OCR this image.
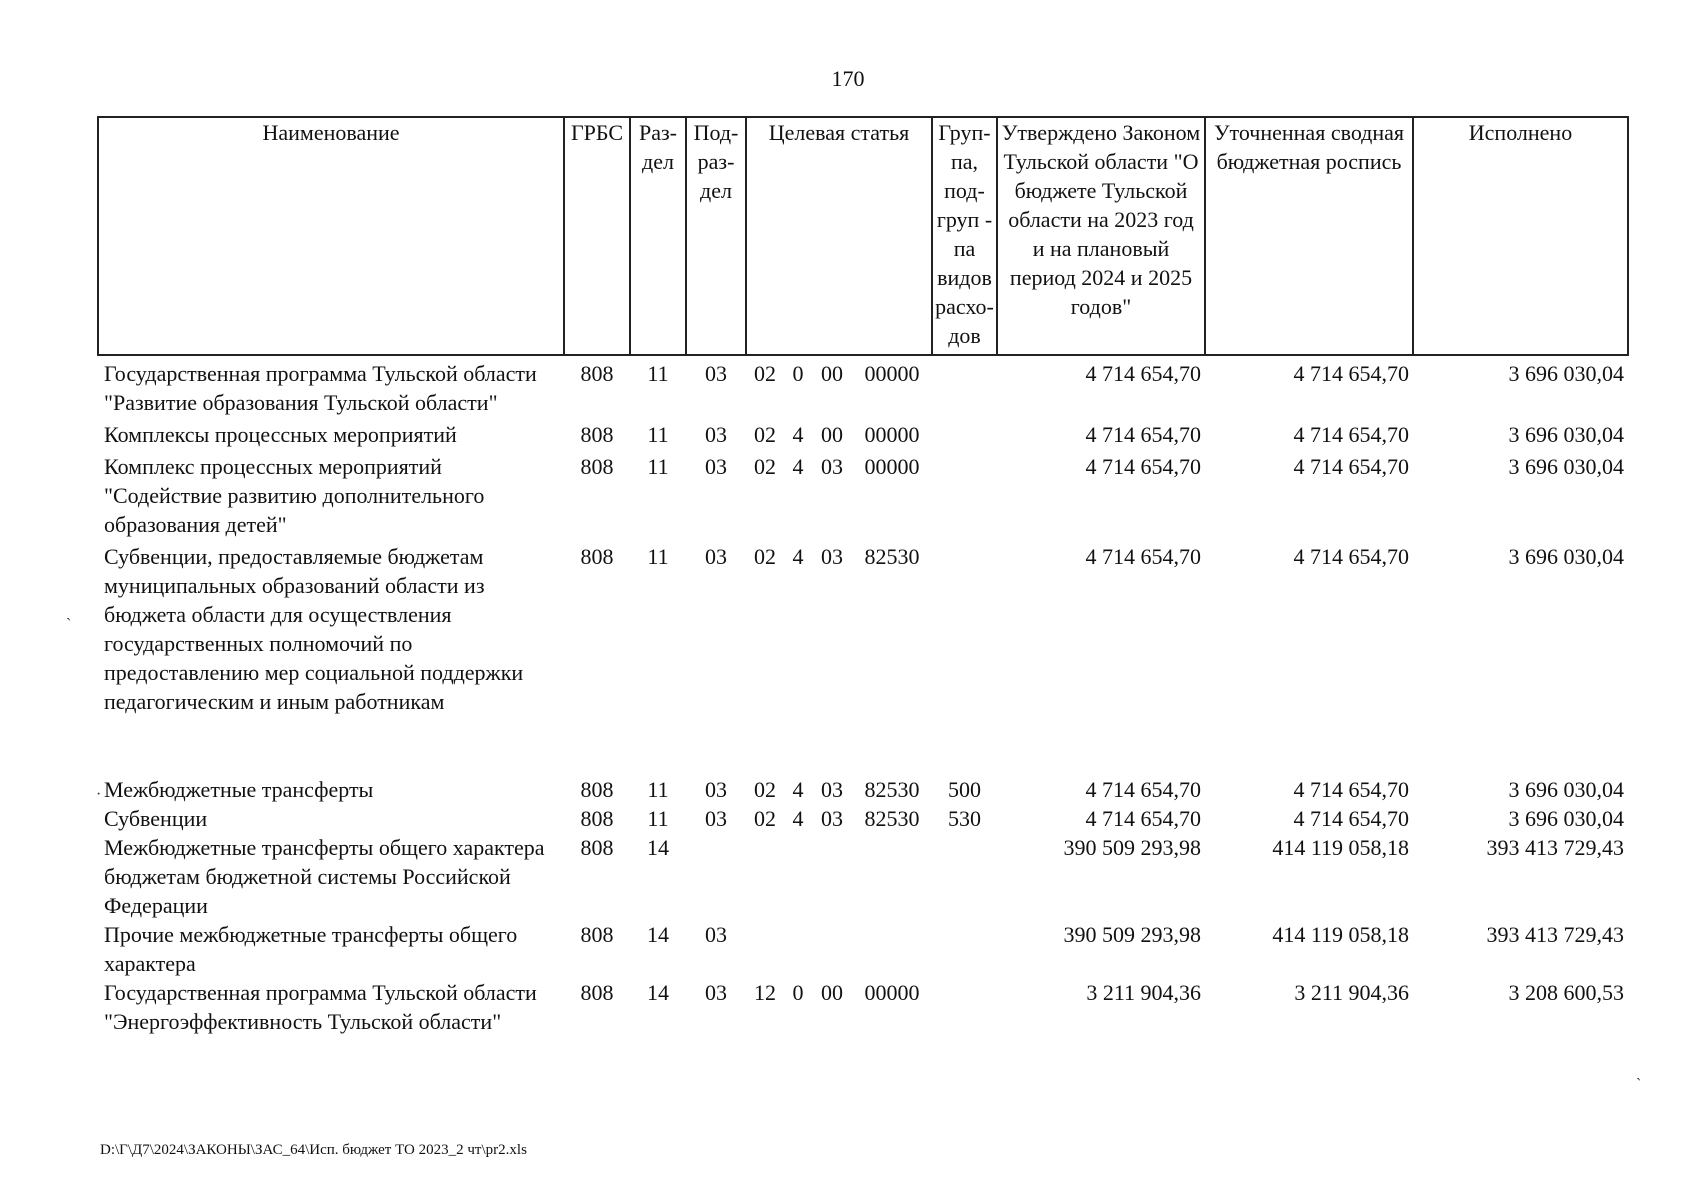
170
Наименование	ГРБС	Раз-дел	Под-раз-дел	Целевая статья				Груп-па, под-груп - па видов расхо-дов	Утверждено Законом Тульской области "О бюджете Тульской области на 2023 год и на плановый период 2024 и 2025 годов"	Уточненная сводная бюджетная роспись	Исполнено
Государственная программа Тульской области "Развитие образования Тульской области"	808	11	03	02	0	00	00000		4 714 654,70	4 714 654,70	3 696 030,04
Комплексы процессных мероприятий	808	11	03	02	4	00	00000		4 714 654,70	4 714 654,70	3 696 030,04
Комплекс процессных мероприятий "Содействие развитию дополнительного образования детей"	808	11	03	02	4	03	00000		4 714 654,70	4 714 654,70	3 696 030,04
Субвенции, предоставляемые бюджетам муниципальных образований области из бюджета области для осуществления государственных полномочий по предоставлению мер социальной поддержки педагогическим и иным работникам	808	11	03	02	4	03	82530		4 714 654,70	4 714 654,70	3 696 030,04

Межбюджетные трансферты	808	11	03	02	4	03	82530	500	4 714 654,70	4 714 654,70	3 696 030,04
Субвенции	808	11	03	02	4	03	82530	530	4 714 654,70	4 714 654,70	3 696 030,04
Межбюджетные трансферты общего характера бюджетам бюджетной системы Российской Федерации	808	14							390 509 293,98	414 119 058,18	393 413 729,43
Прочие межбюджетные трансферты общего характера	808	14	03						390 509 293,98	414 119 058,18	393 413 729,43
Государственная программа Тульской области "Энергоэффективность Тульской области"	808	14	03	12	0	00	00000		3 211 904,36	3 211 904,36	3 208 600,53
D:\Г\Д7\2024\ЗАКОНЫ\ЗАС_64\Исп. бюджет ТО 2023_2 чт\pr2.xls
ˏ
·
ˏ
